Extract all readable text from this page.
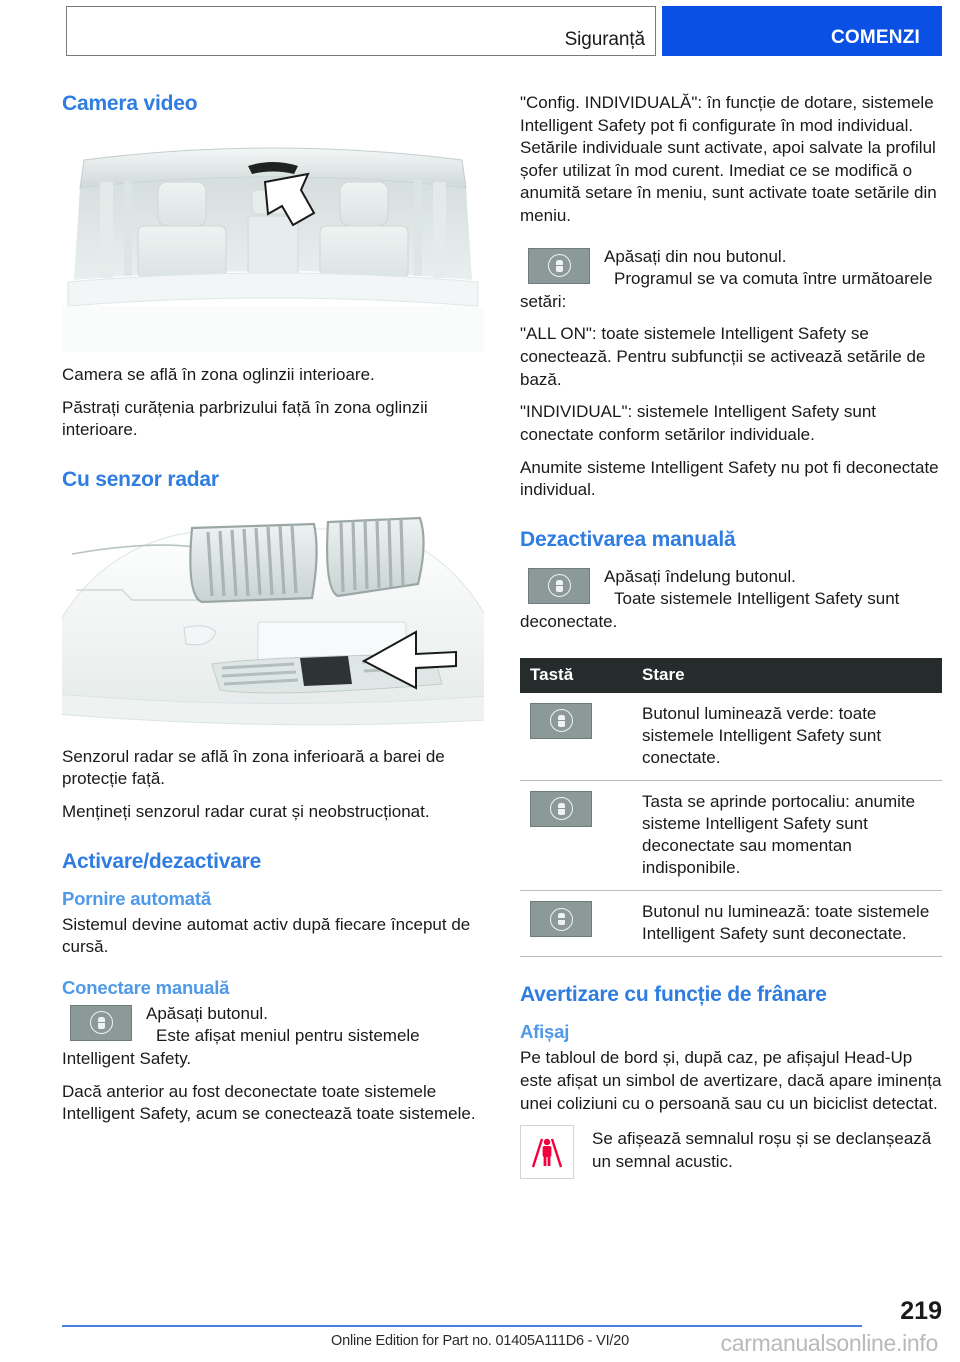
Siguranță	COMENZI
Camera video

Camera se află în zona oglinzii interioare.

Păstrați curățenia parbrizului față în zona oglinzii interioare.

Cu senzor radar

Senzorul radar se află în zona inferioară a barei de protecție față.

Mențineți senzorul radar curat și neobstrucționat.

Activare/dezactivare
Pornire automată

Sistemul devine automat activ după fiecare început de cursă.

Conectare manuală
Apăsați butonul.
Este afișat meniul pentru sistemele Intelligent Safety.

Dacă anterior au fost deconectate toate sistemele Intelligent Safety, acum se conectează toate sistemele.

"Config. INDIVIDUALĂ": în funcție de dotare, sistemele Intelligent Safety pot fi configurate în mod individual. Setările individuale sunt activate, apoi salvate la profilul șofer utilizat în mod curent. Imediat ce se modifică o anumită setare în meniu, sunt activate toate setările din meniu.

Apăsați din nou butonul.
Programul se va comuta între următoarele setări:

"ALL ON": toate sistemele Intelligent Safety se conectează. Pentru subfuncții se activează setările de bază.

"INDIVIDUAL": sistemele Intelligent Safety sunt conectate conform setărilor individuale.

Anumite sisteme Intelligent Safety nu pot fi deconectate individual.

Dezactivarea manuală
Apăsați îndelung butonul.
Toate sistemele Intelligent Safety sunt deconectate.
Tastă	Stare

	Butonul luminează verde: toate sistemele Intelligent Safety sunt conectate.

	Tasta se aprinde portocaliu: anumite sisteme Intelligent Safety sunt deconectate sau momentan indisponibile.

	Butonul nu luminează: toate sistemele Intelligent Safety sunt deconectate.
Avertizare cu funcție de frânare
Afișaj

Pe tabloul de bord și, după caz, pe afișajul Head-Up este afișat un simbol de avertizare, dacă apare iminența unei coliziuni cu o persoană sau cu un biciclist detectat.

Se afișează semnalul roșu și se declanșează un semnal acustic.
219
Online Edition for Part no. 01405A111D6 - VI/20	carmanualsonline.info
